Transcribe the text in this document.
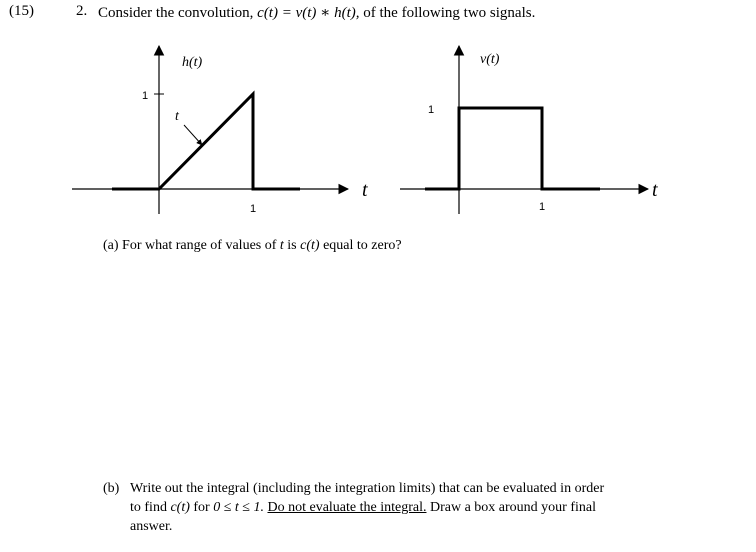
(15)	2. Consider the convolution, c(t) = v(t) ∗ h(t), of the following two signals.
1
1
h(t)
t
t
1
1
v(t)
t
(a) For what range of values of t is c(t) equal to zero?
(b) Write out the integral (including the integration limits) that can be evaluated in order
to find c(t) for 0 ≤ t ≤ 1. Do not evaluate the integral. Draw a box around your final
answer.
